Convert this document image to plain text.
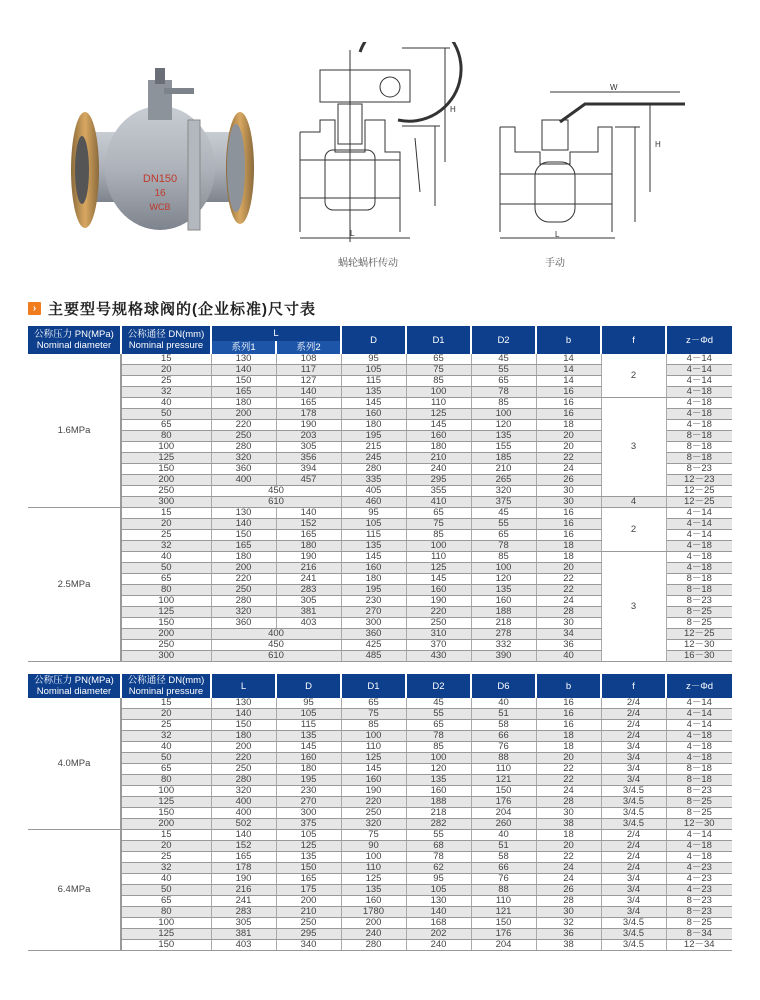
DN150
16
WCB
H
L
蜗轮蜗杆传动
W
H
L
手动
› 主要型号规格球阀的(企业标准)尺寸表
公称压力 PN(MPa)
Nominal diameter

公称通径 DN(mm)
Nominal pressure
	L	D	D1	D2	b	f	z－Φd
		系列1	系列2						
1.6MPa	15	130	108	95	65	45	14	2	4－14
	20	140	117	105	75	55	14		4－14
	25	150	127	115	85	65	14		4－14
	32	165	140	135	100	78	16		4－18
	40	180	165	145	110	85	16	3	4－18
	50	200	178	160	125	100	16		4－18
	65	220	190	180	145	120	18		4－18
	80	250	203	195	160	135	20		8－18
	100	280	305	215	180	155	20		8－18
	125	320	356	245	210	185	22		8－18
	150	360	394	280	240	210	24		8－23
	200	400	457	335	295	265	26		12－23
	250	450		405	355	320	30		12－25
	300	610		460	410	375	30	4	12－25
2.5MPa	15	130	140	95	65	45	16	2	4－14
	20	140	152	105	75	55	16		4－14
	25	150	165	115	85	65	16		4－14
	32	165	180	135	100	78	18		4－18
	40	180	190	145	110	85	18	3	4－18
	50	200	216	160	125	100	20		4－18
	65	220	241	180	145	120	22		8－18
	80	250	283	195	160	135	22		8－18
	100	280	305	230	190	160	24		8－23
	125	320	381	270	220	188	28		8－25
	150	360	403	300	250	218	30		8－25
	200	400		360	310	278	34		12－25
	250	450		425	370	332	36		12－30
	300	610		485	430	390	40		16－30
公称压力 PN(MPa)
Nominal diameter

公称通径 DN(mm)
Nominal pressure	L	D	D1	D2	D6	b	f	z－Φd
4.0MPa	15	130	95	65	45	40	16	2/4	4－14
	20	140	105	75	55	51	16	2/4	4－14
	25	150	115	85	65	58	16	2/4	4－14
	32	180	135	100	78	66	18	2/4	4－18
	40	200	145	110	85	76	18	3/4	4－18
	50	220	160	125	100	88	20	3/4	4－18
	65	250	180	145	120	110	22	3/4	8－18
	80	280	195	160	135	121	22	3/4	8－18
	100	320	230	190	160	150	24	3/4.5	8－23
	125	400	270	220	188	176	28	3/4.5	8－25
	150	400	300	250	218	204	30	3/4.5	8－25
	200	502	375	320	282	260	38	3/4.5	12－30
6.4MPa	15	140	105	75	55	40	18	2/4	4－14
	20	152	125	90	68	51	20	2/4	4－18
	25	165	135	100	78	58	22	2/4	4－18
	32	178	150	110	62	66	24	2/4	4－23
	40	190	165	125	95	76	24	3/4	4－23
	50	216	175	135	105	88	26	3/4	4－23
	65	241	200	160	130	110	28	3/4	8－23
	80	283	210	1780	140	121	30	3/4	8－23
	100	305	250	200	168	150	32	3/4.5	8－25
	125	381	295	240	202	176	36	3/4.5	8－34
	150	403	340	280	240	204	38	3/4.5	12－34
